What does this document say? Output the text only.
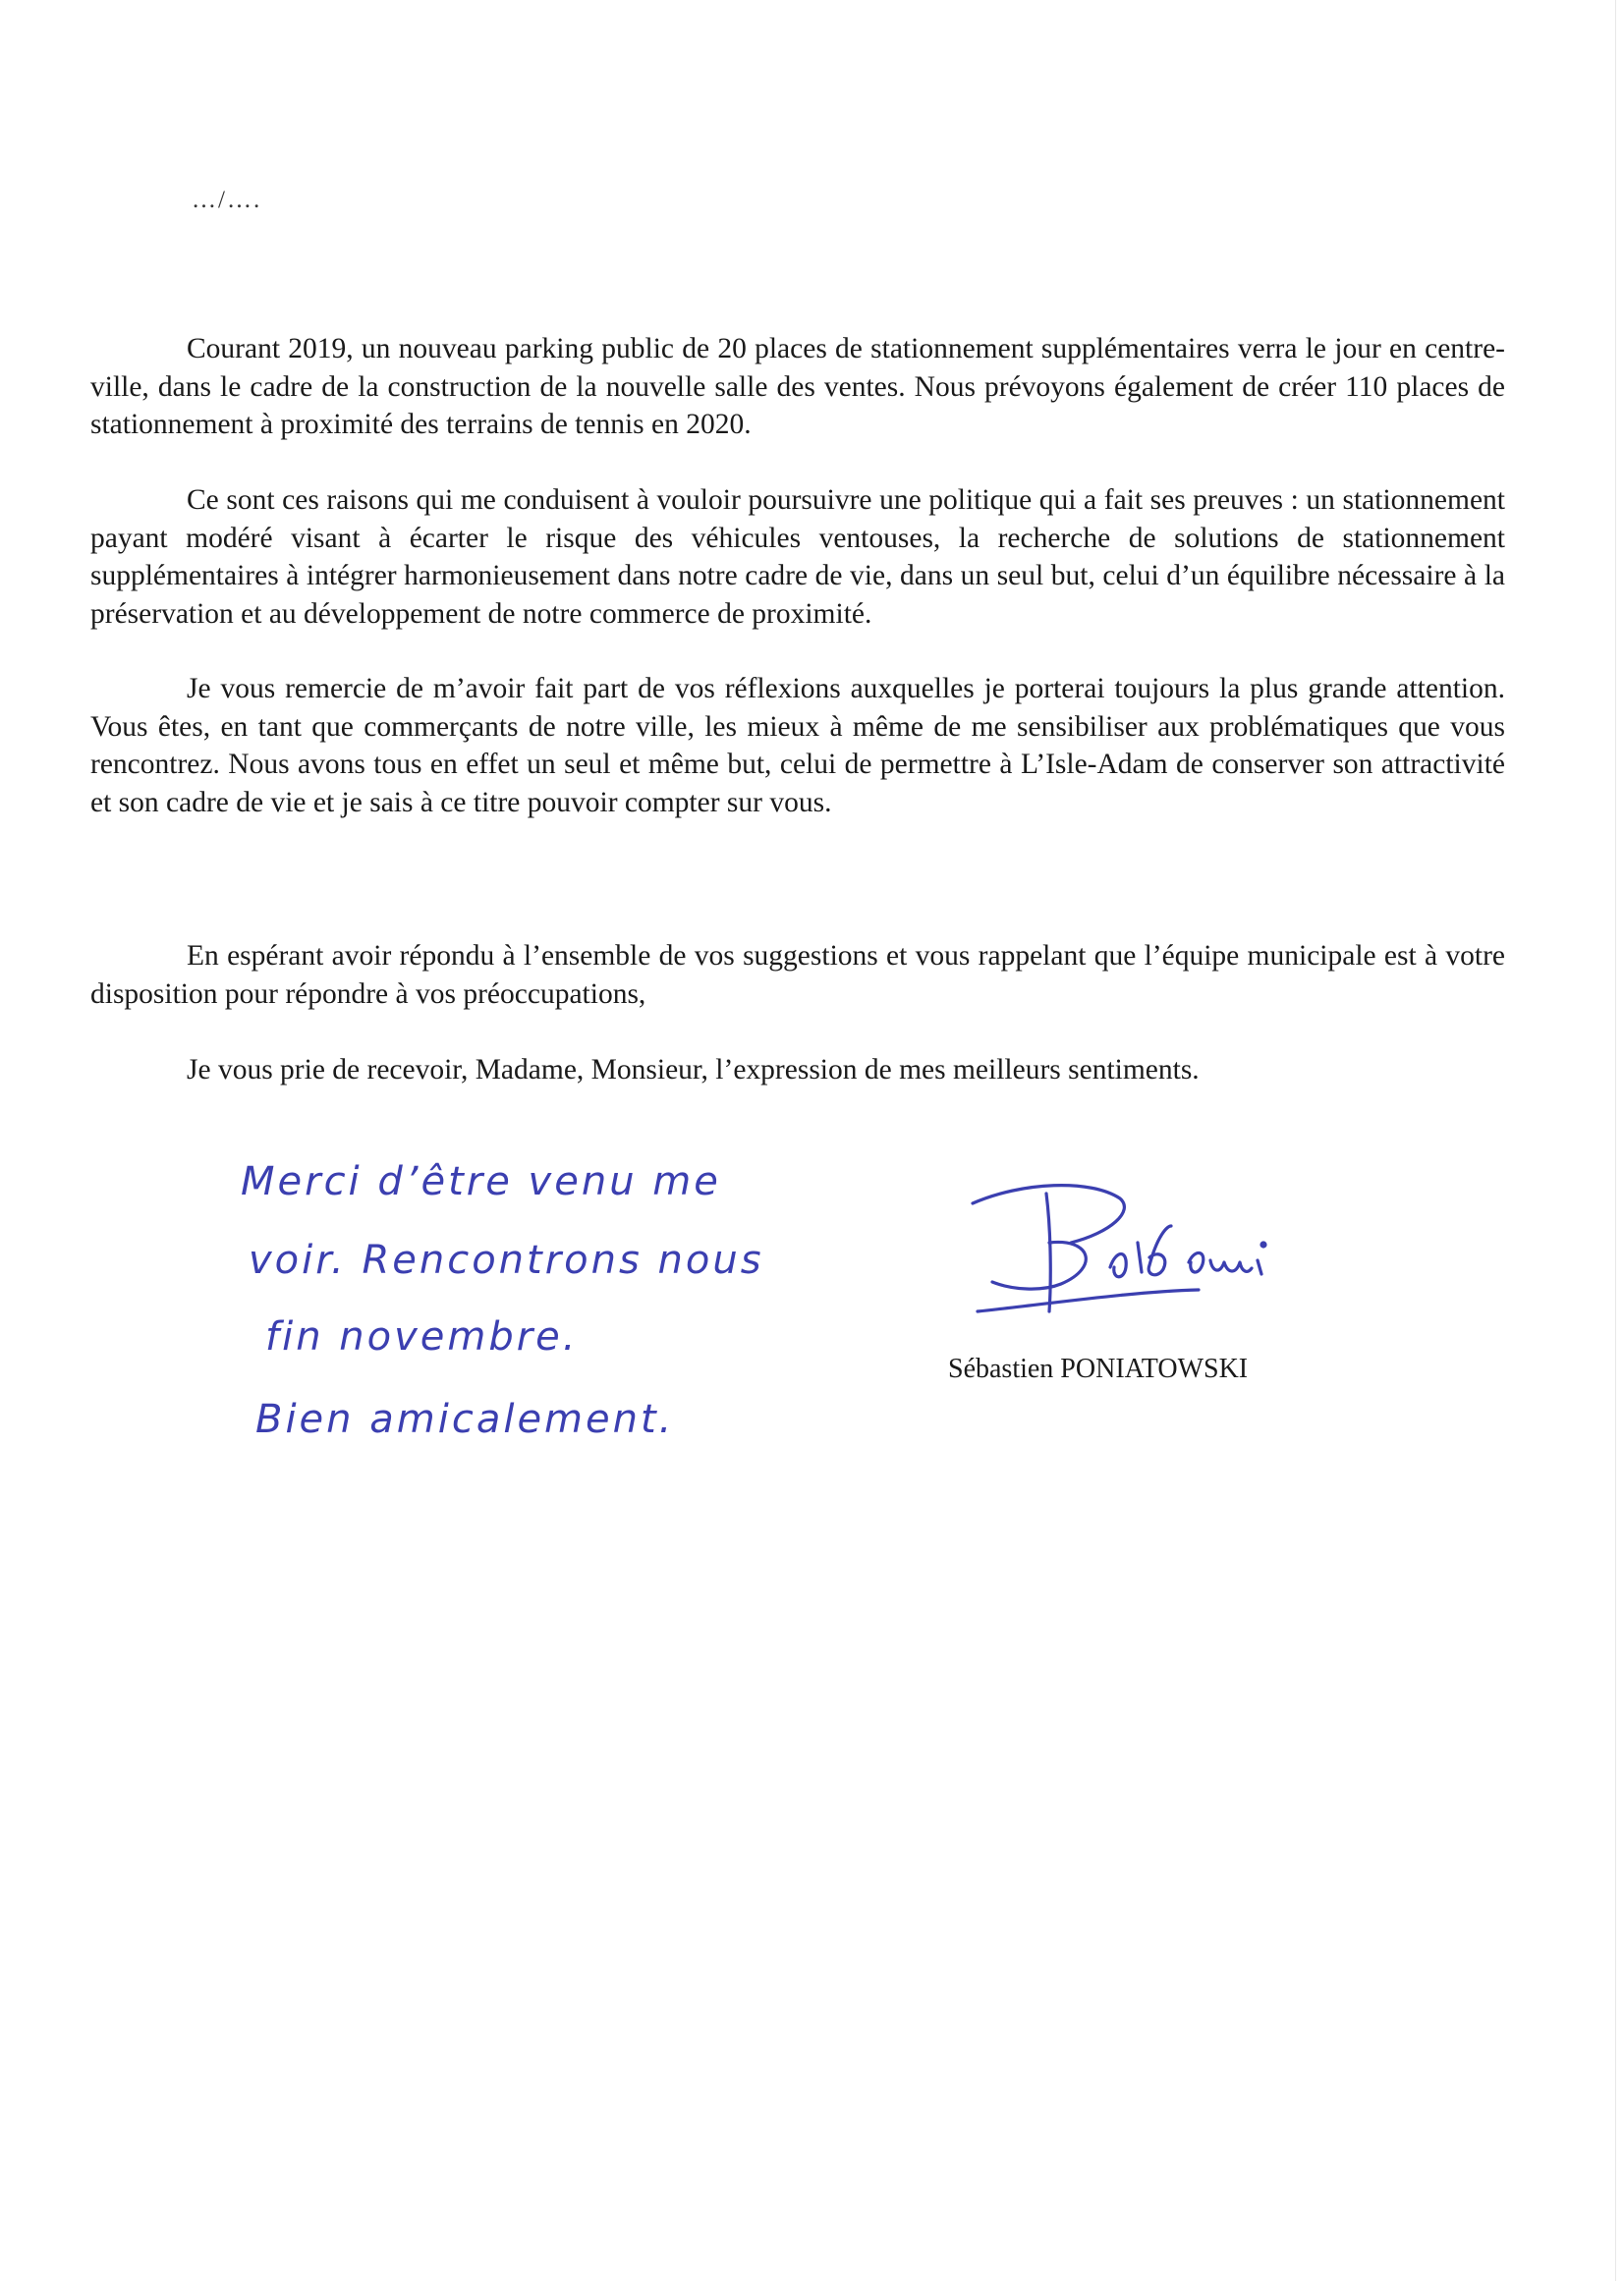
…/….

Courant 2019, un nouveau parking public de 20 places de stationnement supplémentaires verra le jour en centre-ville, dans le cadre de la construction de la nouvelle salle des ventes. Nous prévoyons également de créer 110 places de stationnement à proximité des terrains de tennis en 2020.

Ce sont ces raisons qui me conduisent à vouloir poursuivre une politique qui a fait ses preuves : un stationnement payant modéré visant à écarter le risque des véhicules ventouses, la recherche de solutions de stationnement supplémentaires à intégrer harmonieusement dans notre cadre de vie, dans un seul but, celui d’un équilibre nécessaire à la préservation et au développement de notre commerce de proximité.

Je vous remercie de m’avoir fait part de vos réflexions auxquelles je porterai toujours la plus grande attention. Vous êtes, en tant que commerçants de notre ville, les mieux à même de me sensibiliser aux problématiques que vous rencontrez. Nous avons tous en effet un seul et même but, celui de permettre à L’Isle-Adam de conserver son attractivité et son cadre de vie et je sais à ce titre pouvoir compter sur vous.

En espérant avoir répondu à l’ensemble de vos suggestions et vous rappelant que l’équipe municipale est à votre disposition pour répondre à vos préoccupations,

Je vous prie de recevoir, Madame, Monsieur, l’expression de mes meilleurs sentiments.

Merci d’être venu me
voir. Rencontrons nous
fin novembre.
Bien amicalement.
Sébastien PONIATOWSKI
